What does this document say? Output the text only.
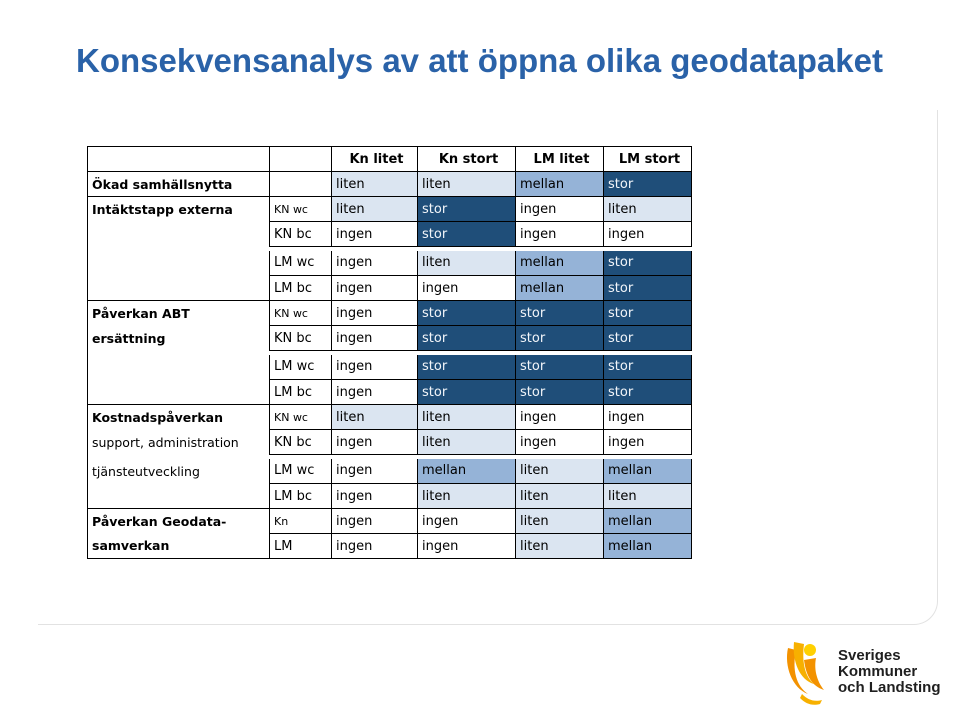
Konsekvensanalys av att öppna olika geodatapaket
		Kn litet	Kn stort	LM litet	LM stort
Ökad samhällsnytta		liten	liten	mellan	stor
Intäktstapp externa	KN wc	liten	stor	ingen	liten
	KN bc	ingen	stor	ingen	ingen

	LM wc	ingen	liten	mellan	stor
	LM bc	ingen	ingen	mellan	stor
Påverkan ABT	KN wc	ingen	stor	stor	stor
ersättning	KN bc	ingen	stor	stor	stor

	LM wc	ingen	stor	stor	stor
	LM bc	ingen	stor	stor	stor
Kostnadspåverkan	KN wc	liten	liten	ingen	ingen
support, administration	KN bc	ingen	liten	ingen	ingen

tjänsteutveckling	LM wc	ingen	mellan	liten	mellan
	LM bc	ingen	liten	liten	liten
Påverkan Geodata-	Kn	ingen	ingen	liten	mellan
samverkan	LM	ingen	ingen	liten	mellan
Sveriges
Kommuner
och Landsting
